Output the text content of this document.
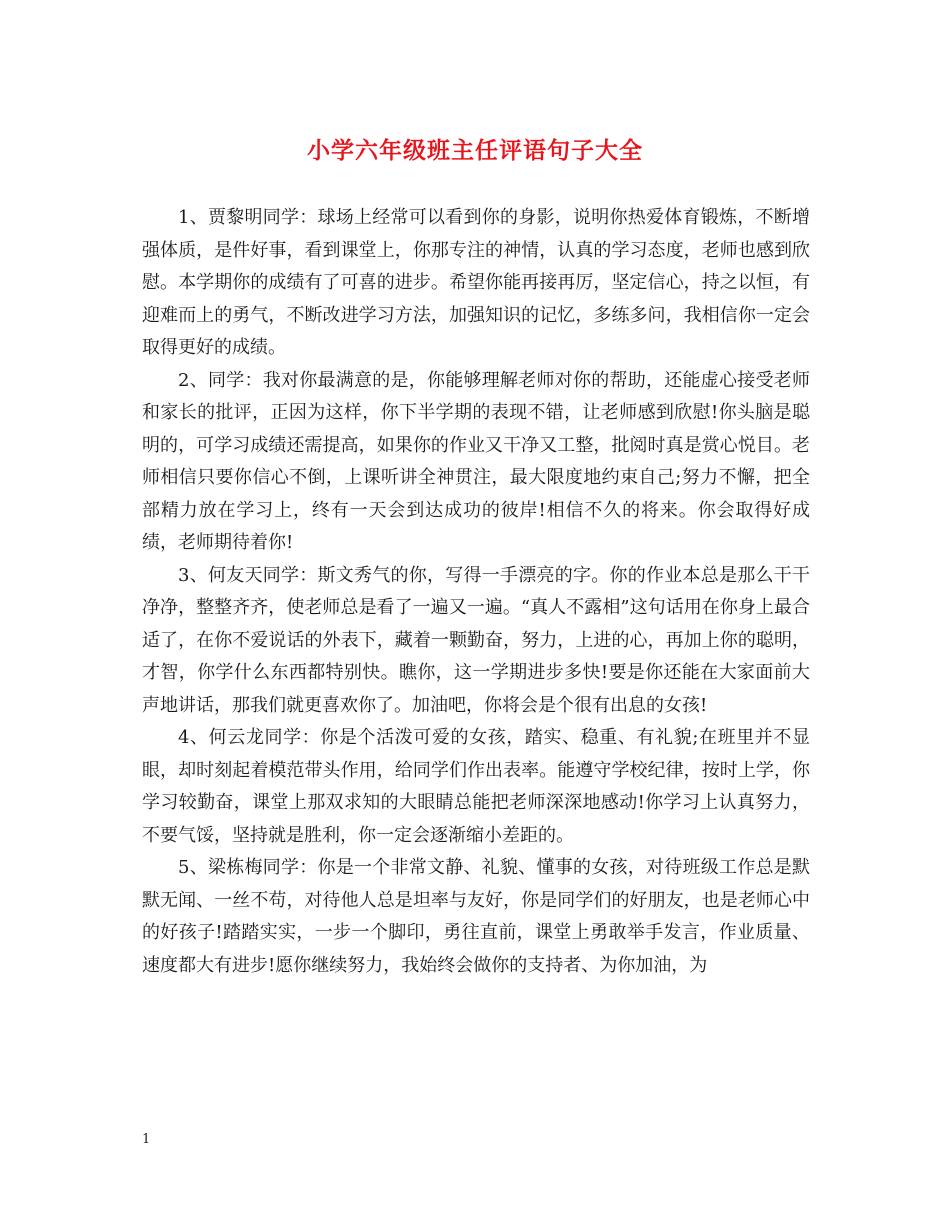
小学六年级班主任评语句子大全

1、贾黎明同学：球场上经常可以看到你的身影，说明你热爱体育锻炼，不断增强体质，是件好事，看到课堂上，你那专注的神情，认真的学习态度，老师也感到欣慰。本学期你的成绩有了可喜的进步。希望你能再接再厉，坚定信心，持之以恒，有迎难而上的勇气，不断改进学习方法，加强知识的记忆，多练多问，我相信你一定会取得更好的成绩。

2、同学：我对你最满意的是，你能够理解老师对你的帮助，还能虚心接受老师和家长的批评，正因为这样，你下半学期的表现不错，让老师感到欣慰!你头脑是聪明的，可学习成绩还需提高，如果你的作业又干净又工整，批阅时真是赏心悦目。老师相信只要你信心不倒，上课听讲全神贯注，最大限度地约束自己;努力不懈，把全部精力放在学习上，终有一天会到达成功的彼岸!相信不久的将来。你会取得好成绩，老师期待着你!

3、何友天同学：斯文秀气的你，写得一手漂亮的字。你的作业本总是那么干干净净，整整齐齐，使老师总是看了一遍又一遍。“真人不露相”这句话用在你身上最合适了，在你不爱说话的外表下，藏着一颗勤奋，努力，上进的心，再加上你的聪明，才智，你学什么东西都特别快。瞧你，这一学期进步多快!要是你还能在大家面前大声地讲话，那我们就更喜欢你了。加油吧，你将会是个很有出息的女孩!

4、何云龙同学：你是个活泼可爱的女孩，踏实、稳重、有礼貌;在班里并不显眼，却时刻起着模范带头作用，给同学们作出表率。能遵守学校纪律，按时上学，你学习较勤奋，课堂上那双求知的大眼睛总能把老师深深地感动!你学习上认真努力，不要气馁，坚持就是胜利，你一定会逐渐缩小差距的。

5、梁栋梅同学：你是一个非常文静、礼貌、懂事的女孩，对待班级工作总是默默无闻、一丝不苟，对待他人总是坦率与友好，你是同学们的好朋友，也是老师心中的好孩子!踏踏实实，一步一个脚印，勇往直前，课堂上勇敢举手发言，作业质量、速度都大有进步!愿你继续努力，我始终会做你的支持者、为你加油，为

1
